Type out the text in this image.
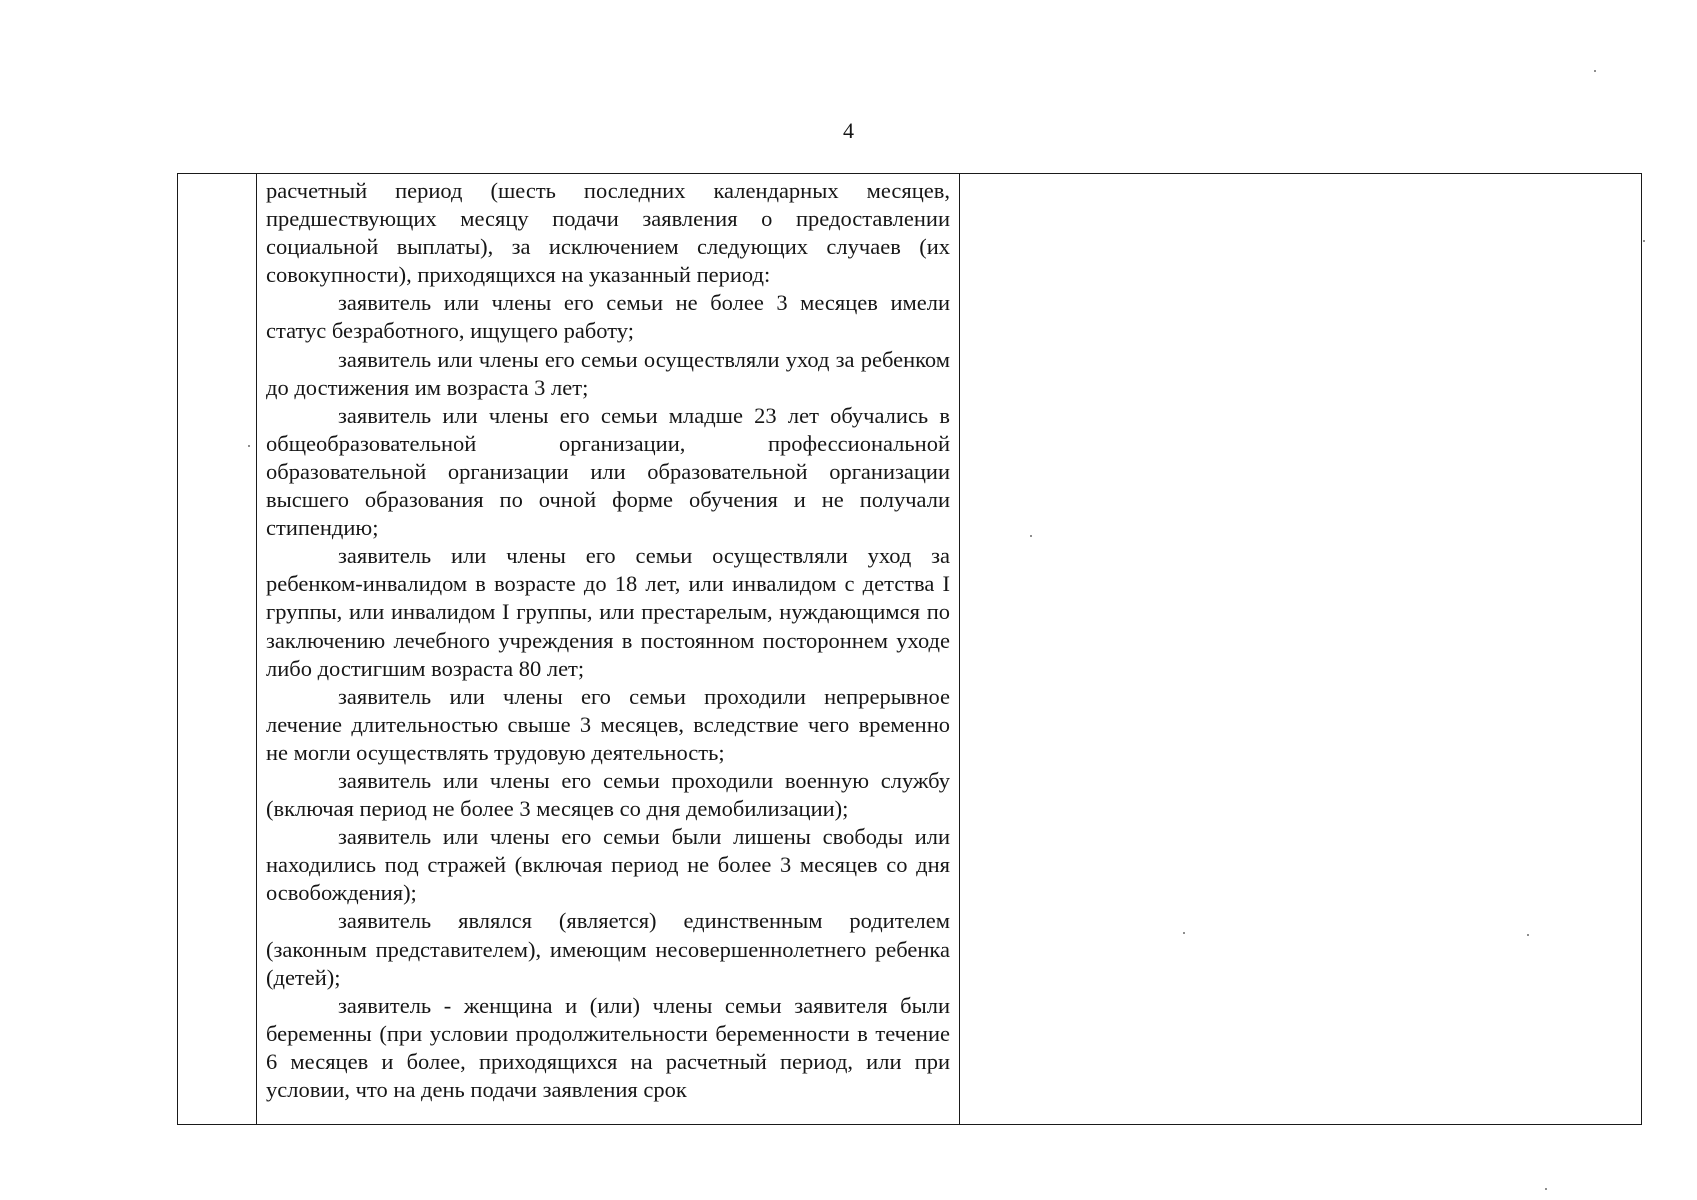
4

расчетный период (шесть последних календарных месяцев, предшествующих месяцу подачи заявления о предоставлении социальной выплаты), за исключением следующих случаев (их совокупности), приходящихся на указанный период:

заявитель или члены его семьи не более 3 месяцев имели статус безработного, ищущего работу;

заявитель или члены его семьи осуществляли уход за ребенком до достижения им возраста 3 лет;

заявитель или члены его семьи младше 23 лет обучались в общеобразовательной организации, профессиональной образовательной организации или образовательной организации высшего образования по очной форме обучения и не получали стипендию;

заявитель или члены его семьи осуществляли уход за ребенком-инвалидом в возрасте до 18 лет, или инвалидом с детства I группы, или инвалидом I группы, или престарелым, нуждающимся по заключению лечебного учреждения в постоянном постороннем уходе либо достигшим возраста 80 лет;

заявитель или члены его семьи проходили непрерывное лечение длительностью свыше 3 месяцев, вследствие чего временно не могли осуществлять трудовую деятельность;

заявитель или члены его семьи проходили военную службу (включая период не более 3 месяцев со дня демобилизации);

заявитель или члены его семьи были лишены свободы или находились под стражей (включая период не более 3 месяцев со дня освобождения);

заявитель являлся (является) единственным родителем (законным представителем), имеющим несовершеннолетнего ребенка (детей);

заявитель - женщина и (или) члены семьи заявителя были беременны (при условии продолжительности беременности в течение 6 месяцев и более, приходящихся на расчетный период, или при условии, что на день подачи заявления срок
